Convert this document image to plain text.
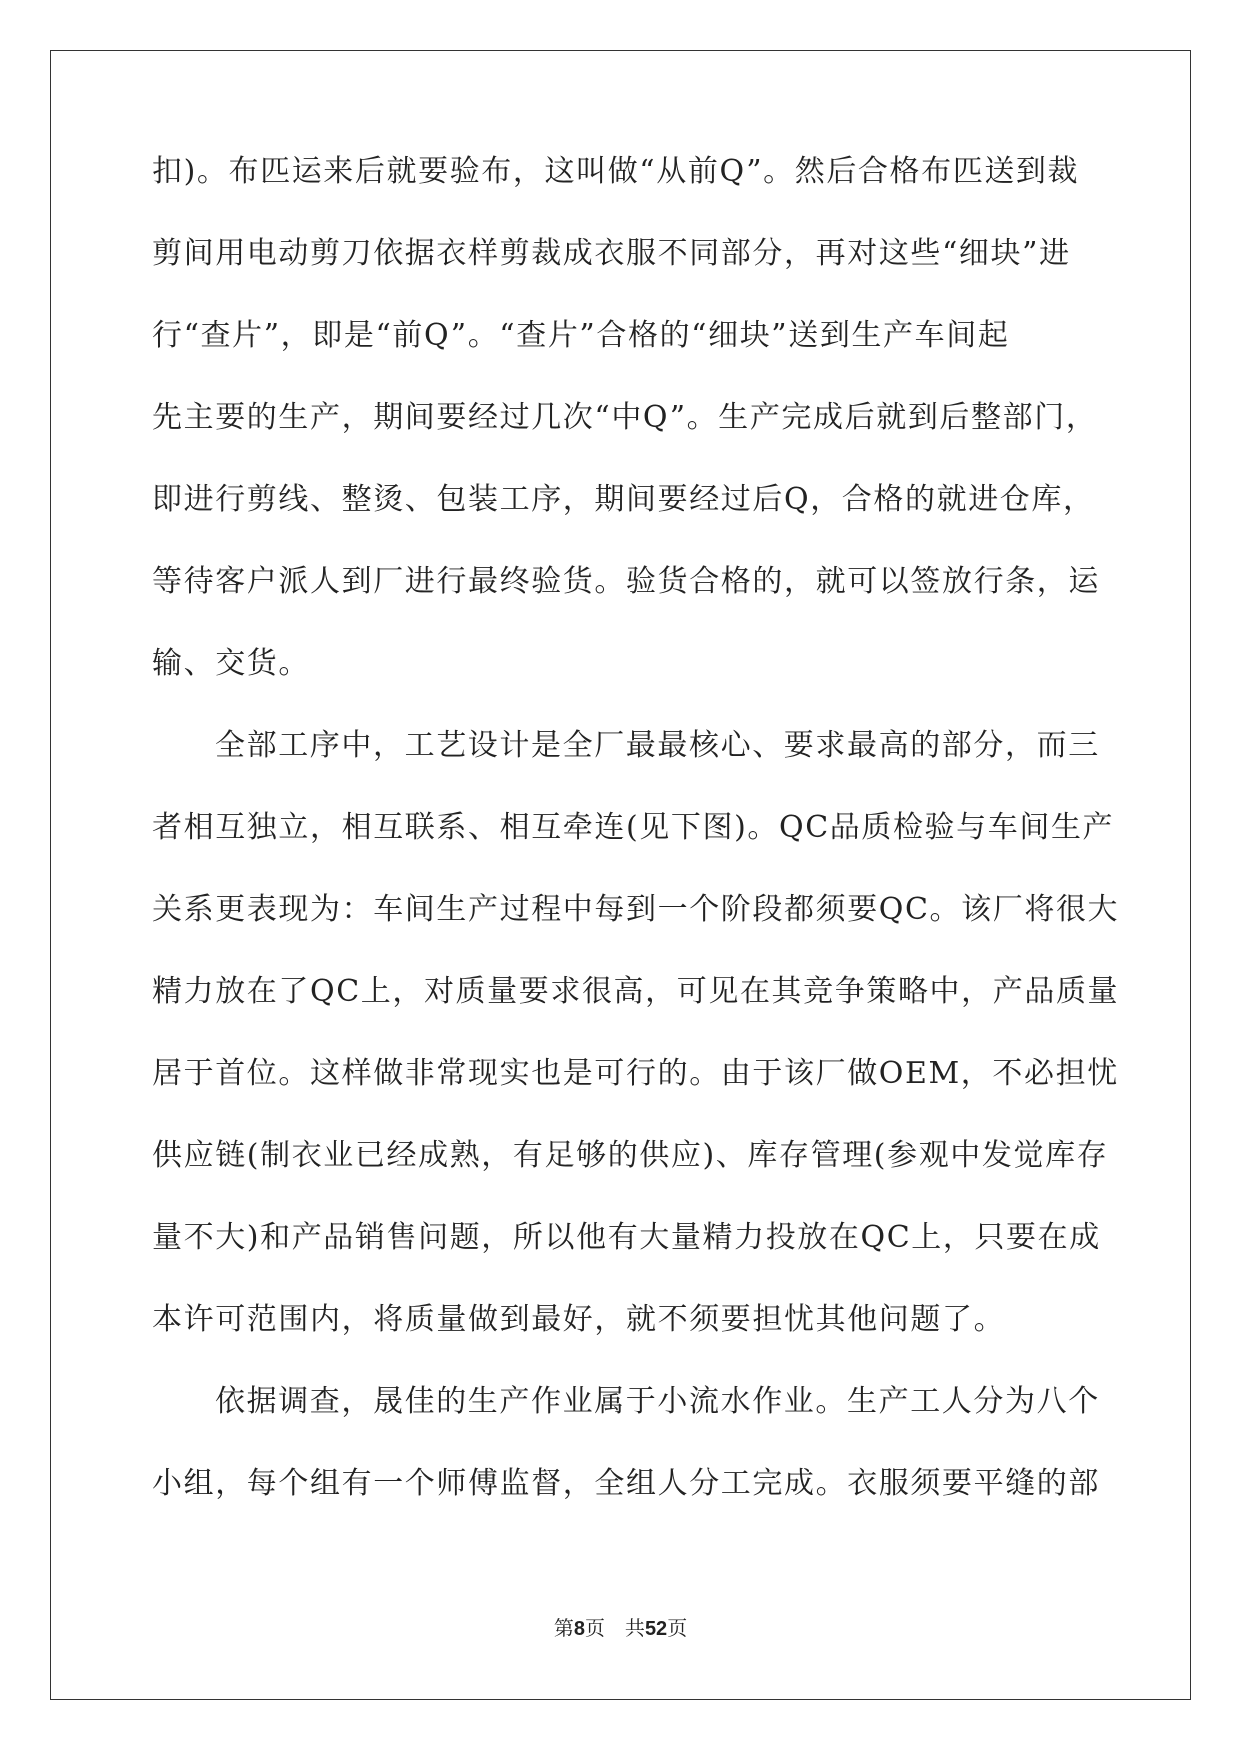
扣)。布匹运来后就要验布，这叫做“从前Q”。然后合格布匹送到裁
剪间用电动剪刀依据衣样剪裁成衣服不同部分，再对这些“细块”进
行“查片”，即是“前Q”。“查片”合格的“细块”送到生产车间起
先主要的生产，期间要经过几次“中Q”。生产完成后就到后整部门，
即进行剪线、整烫、包装工序，期间要经过后Q，合格的就进仓库，
等待客户派人到厂进行最终验货。验货合格的，就可以签放行条，运
输、交货。
全部工序中，工艺设计是全厂最最核心、要求最高的部分，而三
者相互独立，相互联系、相互牵连(见下图)。QC品质检验与车间生产
关系更表现为：车间生产过程中每到一个阶段都须要QC。该厂将很大
精力放在了QC上，对质量要求很高，可见在其竞争策略中，产品质量
居于首位。这样做非常现实也是可行的。由于该厂做OEM，不必担忧
供应链(制衣业已经成熟，有足够的供应)、库存管理(参观中发觉库存
量不大)和产品销售问题，所以他有大量精力投放在QC上，只要在成
本许可范围内，将质量做到最好，就不须要担忧其他问题了。
依据调查，晟佳的生产作业属于小流水作业。生产工人分为八个
小组，每个组有一个师傅监督，全组人分工完成。衣服须要平缝的部
第8页　共52页
